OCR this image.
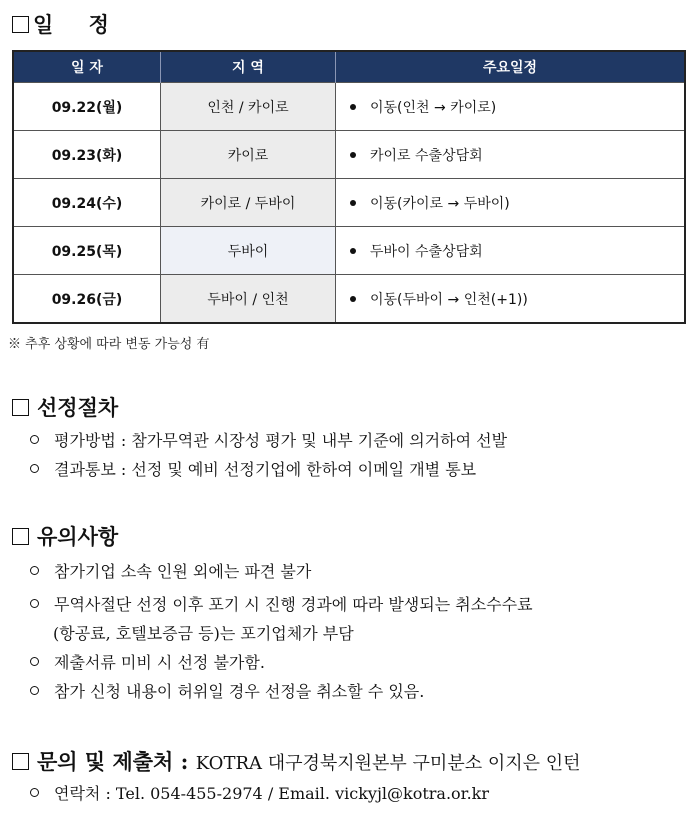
일 정
일 자	지 역	주요일정
09.22(월)	인천 / 카이로	이동(인천 → 카이로)
09.23(화)	카이로	카이로 수출상담회
09.24(수)	카이로 / 두바이	이동(카이로 → 두바이)
09.25(목)	두바이	두바이 수출상담회
09.26(금)	두바이 / 인천	이동(두바이 → 인천(+1))
※ 추후 상황에 따라 변동 가능성 有
선정절차
평가방법 : 참가무역관 시장성 평가 및 내부 기준에 의거하여 선발
결과통보 : 선정 및 예비 선정기업에 한하여 이메일 개별 통보
유의사항
참가기업 소속 인원 외에는 파견 불가
무역사절단 선정 이후 포기 시 진행 경과에 따라 발생되는 취소수수료
(항공료, 호텔보증금 등)는 포기업체가 부담
제출서류 미비 시 선정 불가함.
참가 신청 내용이 허위일 경우 선정을 취소할 수 있음.
문의 및 제출처 : KOTRA 대구경북지원본부 구미분소 이지은 인턴
연락처 : Tel. 054-455-2974 / Email. vickyjl@kotra.or.kr
